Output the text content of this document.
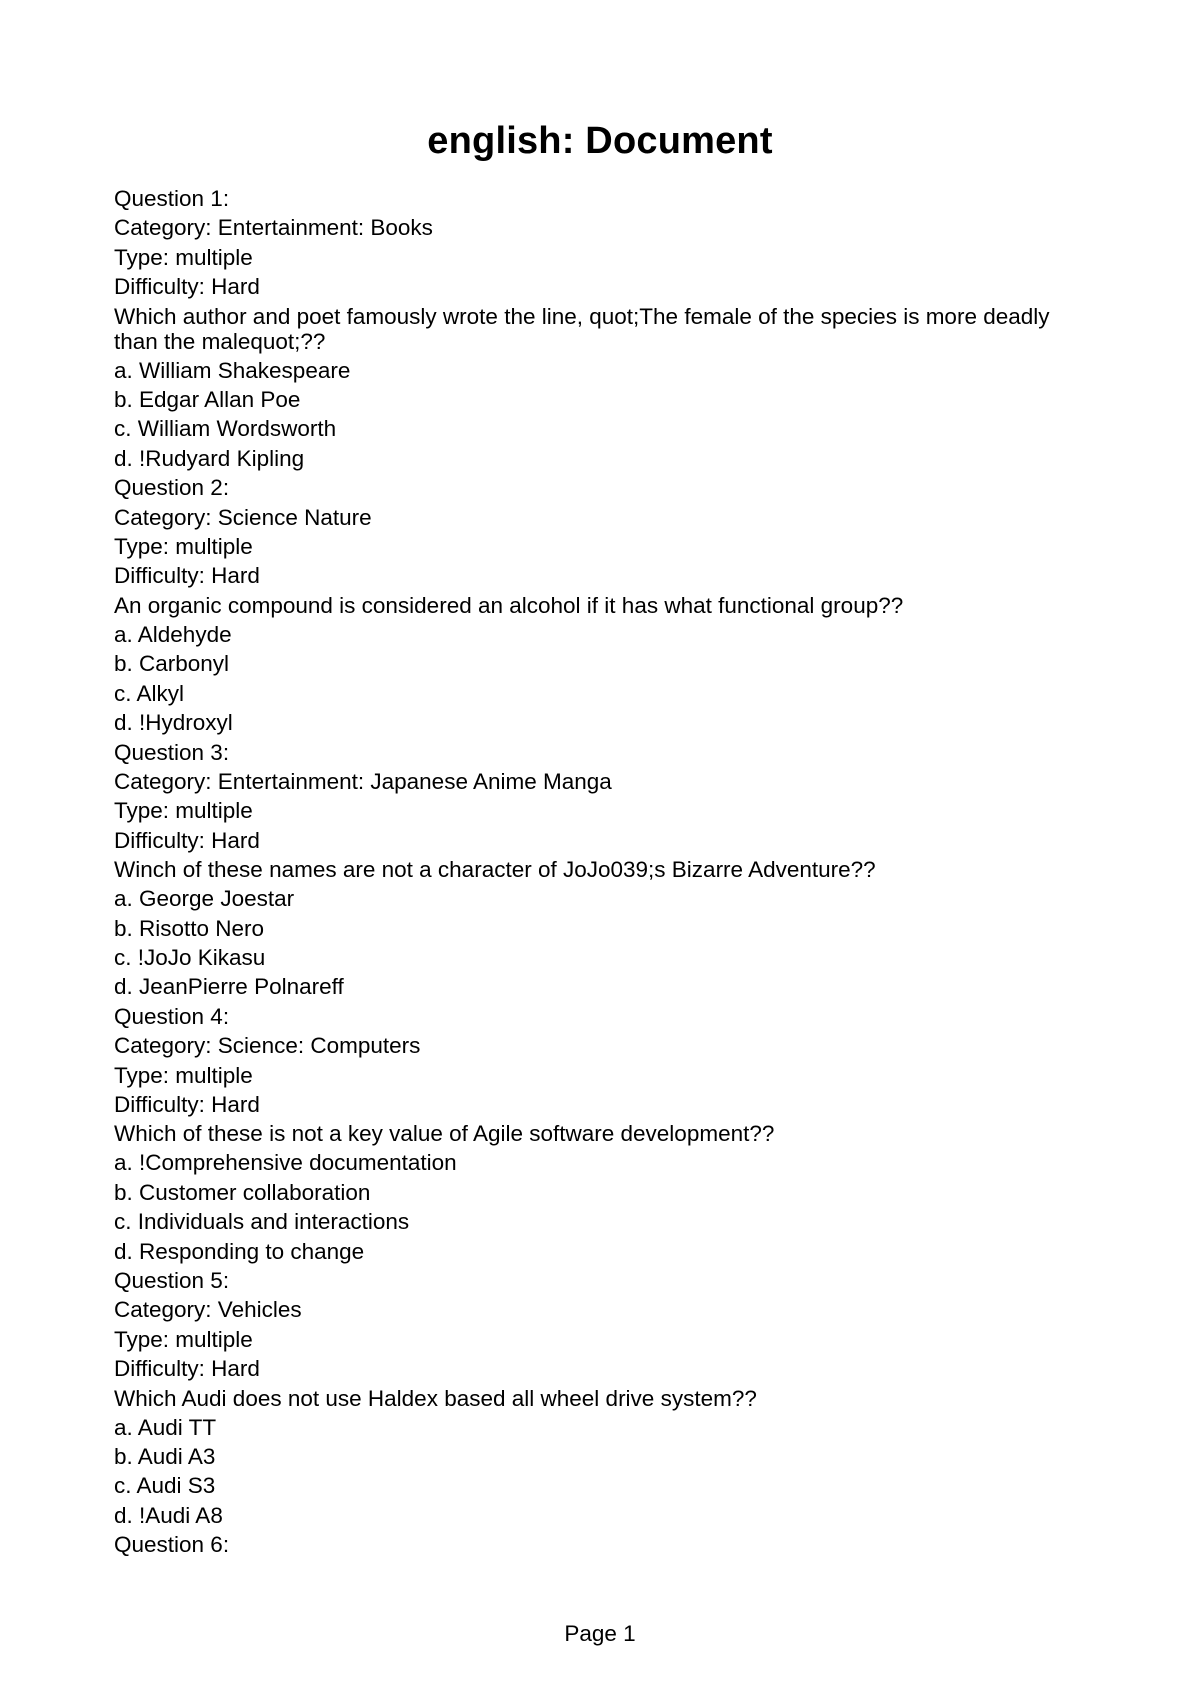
english: Document
Question 1:
Category: Entertainment: Books
Type: multiple
Difficulty: Hard
Which author and poet famously wrote the line, quot;The female of the species is more deadly than the malequot;??
a. William Shakespeare
b. Edgar Allan Poe
c. William Wordsworth
d. !Rudyard Kipling
Question 2:
Category: Science Nature
Type: multiple
Difficulty: Hard
An organic compound is considered an alcohol if it has what functional group??
a. Aldehyde
b. Carbonyl
c. Alkyl
d. !Hydroxyl
Question 3:
Category: Entertainment: Japanese Anime Manga
Type: multiple
Difficulty: Hard
Winch of these names are not a character of JoJo039;s Bizarre Adventure??
a. George Joestar
b. Risotto Nero
c. !JoJo Kikasu
d. JeanPierre Polnareff
Question 4:
Category: Science: Computers
Type: multiple
Difficulty: Hard
Which of these is not a key value of Agile software development??
a. !Comprehensive documentation
b. Customer collaboration
c. Individuals and interactions
d. Responding to change
Question 5:
Category: Vehicles
Type: multiple
Difficulty: Hard
Which Audi does not use Haldex based all wheel drive system??
a. Audi TT
b. Audi A3
c. Audi S3
d. !Audi A8
Question 6:
Page 1
